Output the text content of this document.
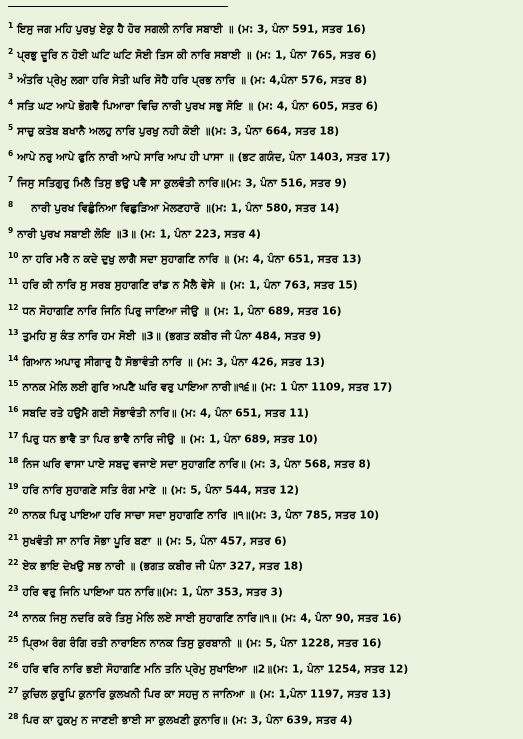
$^1$ ਇਸੁ ਜਗ ਮਹਿ ਪੁਰਖੁ ਏਕੁ ਹੈ ਹੋਰ ਸਗਲੀ ਨਾਰਿ ਸਬਾਈ ॥ (ਮ: 3, ਪੰਨਾ 591, ਸਤਰ 16)
$^2$ ਪ੍ਰਭੁ ਦੂਰਿ ਨ ਹੋਈ ਘਟਿ ਘਟਿ ਸੋਈ ਤਿਸ ਕੀ ਨਾਰਿ ਸਬਾਈ ॥ (ਮ: 1, ਪੰਨਾ 765, ਸਤਰ 6)
$^3$ ਅੰਤਰਿ ਪ੍ਰੇਮੁ ਲਗਾ ਹਰਿ ਸੇਤੀ ਘਰਿ ਸੋਹੈ ਹਰਿ ਪ੍ਰਭ ਨਾਰਿ ॥ (ਮ: 4,ਪੰਨਾ 576, ਸਤਰ 8)
$^4$ ਸਤਿ ਘਟ ਆਪੇ ਭੋਗਵੈ ਪਿਆਰਾ ਵਿਚਿ ਨਾਰੀ ਪੁਰਖ ਸਭੁ ਸੋਇ ॥ (ਮ: 4, ਪੰਨਾ 605, ਸਤਰ 6)
$^5$ ਸਾਚੁ ਕਤੇਬ ਬਖਾਨੈ ਅਲਹੁ ਨਾਰਿ ਪੁਰਖੁ ਨਹੀ ਕੋਈ ॥(ਮ: 3, ਪੰਨਾ 664, ਸਤਰ 18)
$^6$ ਆਪੇ ਨਰੁ ਆਪੇ ਫੁਨਿ ਨਾਰੀ ਆਪੇ ਸਾਰਿ ਆਪ ਹੀ ਪਾਸਾ ॥ (ਭਟ ਗਯੰਦ, ਪੰਨਾ 1403, ਸਤਰ 17)
$^7$ ਜਿਸੁ ਸਤਿਗੁਰੁ ਮਿਲੈ ਤਿਸੁ ਭਉ ਪਵੈ ਸਾ ਕੁਲਵੰਤੀ ਨਾਰਿ॥(ਮ: 3, ਪੰਨਾ 516, ਸਤਰ 9)
$^8$ ਨਾਰੀ ਪੁਰਖ ਵਿਛੁੰਨਿਆ ਵਿਛੁੜਿਆ ਮੇਲਣਹਾਰੋ ॥(ਮ: 1, ਪੰਨਾ 580, ਸਤਰ 14)
$^9$ ਨਾਰੀ ਪੁਰਖ ਸਬਾਈ ਲੋਇ ॥3॥ (ਮ: 1, ਪੰਨਾ 223, ਸਤਰ 4)
$^{10}$ ਨਾ ਹਰਿ ਮਰੈ ਨ ਕਦੇ ਦੁਖੁ ਲਾਗੈ ਸਦਾ ਸੁਹਾਗਣਿ ਨਾਰਿ ॥ (ਮ: 4, ਪੰਨਾ 651, ਸਤਰ 13)
$^{11}$ ਹਰਿ ਕੀ ਨਾਰਿ ਸੁ ਸਰਬ ਸੁਹਾਗਣਿ ਰਾਂਡ ਨ ਮੈਲੈ ਵੇਸੇ ॥ (ਮ: 1, ਪੰਨਾ 763, ਸਤਰ 15)
$^{12}$ ਧਨ ਸੋਹਾਗਣਿ ਨਾਰਿ ਜਿਨਿ ਪਿਰੁ ਜਾਣਿਆ ਜੀਉ ॥ (ਮ: 1, ਪੰਨਾ 689, ਸਤਰ 16)
$^{13}$ ਤੁਮਹਿ ਸੁ ਕੰਤ ਨਾਰਿ ਹਮ ਸੋਈ ॥3॥ (ਭਗਤ ਕਬੀਰ ਜੀ ਪੰਨਾ 484, ਸਤਰ 9)
$^{14}$ ਗਿਆਨ ਅਪਾਰੁ ਸੀਗਾਰੁ ਹੈ ਸੋਭਾਵੰਤੀ ਨਾਰਿ ॥ (ਮ: 3, ਪੰਨਾ 426, ਸਤਰ 13)
$^{15}$ ਨਾਨਕ ਮੇਲਿ ਲਈ ਗੁਰਿ ਅਪਣੈ ਘਰਿ ਵਰੁ ਪਾਇਆ ਨਾਰੀ॥੧੬॥ (ਮ: 1 ਪੰਨਾ 1109, ਸਤਰ 17)
$^{16}$ ਸਬਦਿ ਰਤੇ ਹਉਮੈ ਗਈ ਸੋਭਾਵੰਤੀ ਨਾਰਿ॥ (ਮ: 4, ਪੰਨਾ 651, ਸਤਰ 11)
$^{17}$ ਪਿਰੁ ਧਨ ਭਾਵੈ ਤਾ ਪਿਰ ਭਾਵੈ ਨਾਰਿ ਜੀਉ ॥ (ਮ: 1, ਪੰਨਾ 689, ਸਤਰ 10)
$^{18}$ ਨਿਜ ਘਰਿ ਵਾਸਾ ਪਾਏ ਸਬਦੁ ਵਜਾਏ ਸਦਾ ਸੁਹਾਗਣਿ ਨਾਰਿ॥ (ਮ: 3, ਪੰਨਾ 568, ਸਤਰ 8)
$^{19}$ ਹਰਿ ਨਾਰਿ ਸੁਹਾਗਣੇ ਸਤਿ ਰੰਗ ਮਾਣੇ ॥ (ਮ: 5, ਪੰਨਾ 544, ਸਤਰ 12)
$^{20}$ ਨਾਨਕ ਪਿਰੁ ਪਾਇਆ ਹਰਿ ਸਾਚਾ ਸਦਾ ਸੁਹਾਗਣਿ ਨਾਰਿ ॥੧॥(ਮ: 3, ਪੰਨਾ 785, ਸਤਰ 10)
$^{21}$ ਸੁਖਵੰਤੀ ਸਾ ਨਾਰਿ ਸੋਭਾ ਪੂਰਿ ਬਣਾ ॥ (ਮ: 5, ਪੰਨਾ 457, ਸਤਰ 6)
$^{22}$ ਏਕ ਭਾਇ ਦੇਖਉ ਸਭ ਨਾਰੀ ॥ (ਭਗਤ ਕਬੀਰ ਜੀ ਪੰਨਾ 327, ਸਤਰ 18)
$^{23}$ ਹਰਿ ਵਰੁ ਜਿਨਿ ਪਾਇਆ ਧਨ ਨਾਰਿ॥(ਮ: 1, ਪੰਨਾ 353, ਸਤਰ 3)
$^{24}$ ਨਾਨਕ ਜਿਸੁ ਨਦਰਿ ਕਰੇ ਤਿਸੁ ਮੇਲਿ ਲਏ ਸਾਈ ਸੁਹਾਗਣਿ ਨਾਰਿ॥੧॥ (ਮ: 4, ਪੰਨਾ 90, ਸਤਰ 16)
$^{25}$ ਪ੍ਰਿਅ ਰੰਗ ਰੰਗਿ ਰਤੀ ਨਾਰਾਇਨ ਨਾਨਕ ਤਿਸੁ ਕੁਰਬਾਨੀ ॥ (ਮ: 5, ਪੰਨਾ 1228, ਸਤਰ 16)
$^{26}$ ਹਰਿ ਵਰਿ ਨਾਰਿ ਭਈ ਸੋਹਾਗਣਿ ਮਨਿ ਤਨਿ ਪ੍ਰੇਮੁ ਸੁਖਾਇਆ ॥2॥(ਮ: 1, ਪੰਨਾ 1254, ਸਤਰ 12)
$^{27}$ ਕੁਚਿਲ ਕੁਰੂਪਿ ਕੁਨਾਰਿ ਕੁਲਖਨੀ ਪਿਰ ਕਾ ਸਹਜੁ ਨ ਜਾਨਿਆ ॥ (ਮ: 1,ਪੰਨਾ 1197, ਸਤਰ 13)
$^{28}$ ਪਿਰ ਕਾ ਹੁਕਮੁ ਨ ਜਾਣਈ ਭਾਈ ਸਾ ਕੁਲਖਣੀ ਕੁਨਾਰਿ॥ (ਮ: 3, ਪੰਨਾ 639, ਸਤਰ 4)
